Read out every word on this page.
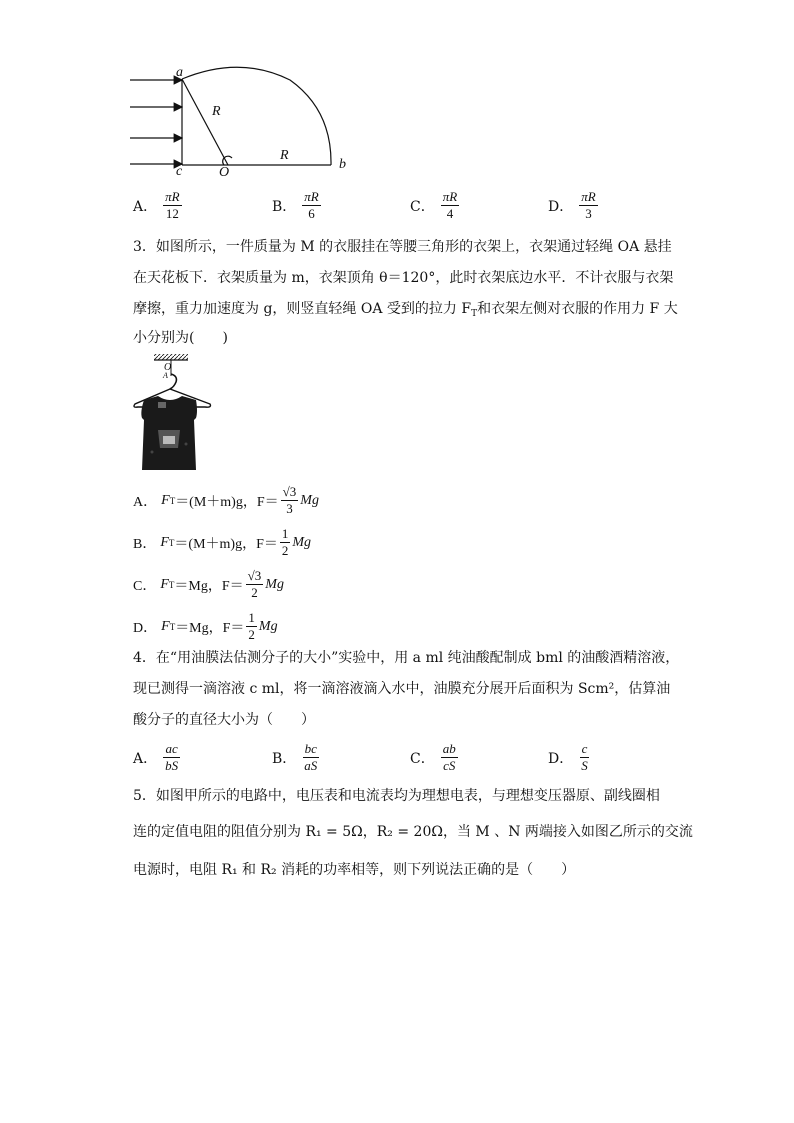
a
R
R
c	O
b
A． $\frac{\pi R}{12}$	B． $\frac{\pi R}{6}$	C． $\frac{\pi R}{4}$	D． $\frac{\pi R}{3}$
3．如图所示，一件质量为 M 的衣服挂在等腰三角形的衣架上，衣架通过轻绳 OA 悬挂
在天花板下．衣架质量为 m，衣架顶角 θ＝120°，此时衣架底边水平．不计衣服与衣架
摩擦，重力加速度为 g，则竖直轻绳 OA 受到的拉力 $F_T$和衣架左侧对衣服的作用力 F 大
小分别为(　　)
O
A
A． F T ＝(M＋m)g，$F= \frac{√3}{3}$ Mg
B． F T ＝(M＋m)g，$F= \frac{1}{2}$ Mg
C． F T ＝Mg，$F= \frac{√3}{2}$ Mg
D． F T ＝Mg，$F= \frac{1}{2}$ Mg
4．在“用油膜法估测分子的大小”实验中，用 a ml 纯油酸配制成 bml 的油酸酒精溶液，
现已测得一滴溶液 c ml，将一滴溶液滴入水中，油膜充分展开后面积为 Scm²，估算油
酸分子的直径大小为（　　）
A． $\frac{ac}{bS}$	B． $\frac{bc}{aS}$	C． $\frac{ab}{cS}$	D． $\frac{c}{S}$
5．如图甲所示的电路中，电压表和电流表均为理想电表，与理想变压器原、副线圈相
连的定值电阻的阻值分别为 R₁ = 5Ω，R₂ = 20Ω，当 M 、N 两端接入如图乙所示的交流
电源时，电阻 R₁ 和 R₂ 消耗的功率相等，则下列说法正确的是（　　）
